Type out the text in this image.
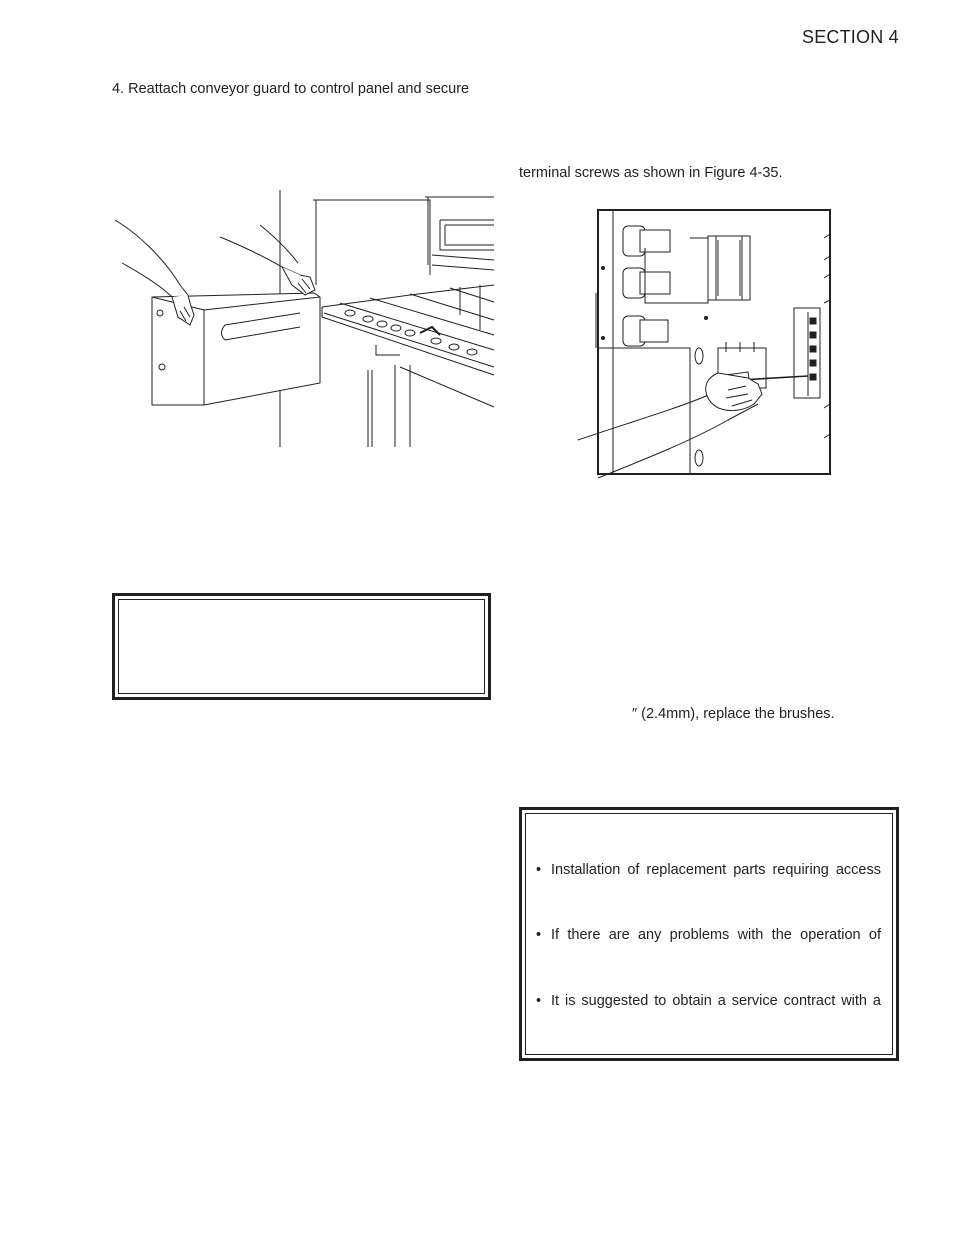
SECTION 4
4. Reattach conveyor guard to control panel and secure
terminal screws as shown in Figure 4-35.
″ (2.4mm), replace the brushes.
• Installation of replacement parts requiring access
• If there are any problems with the operation of
• It is suggested to obtain a service contract with a
